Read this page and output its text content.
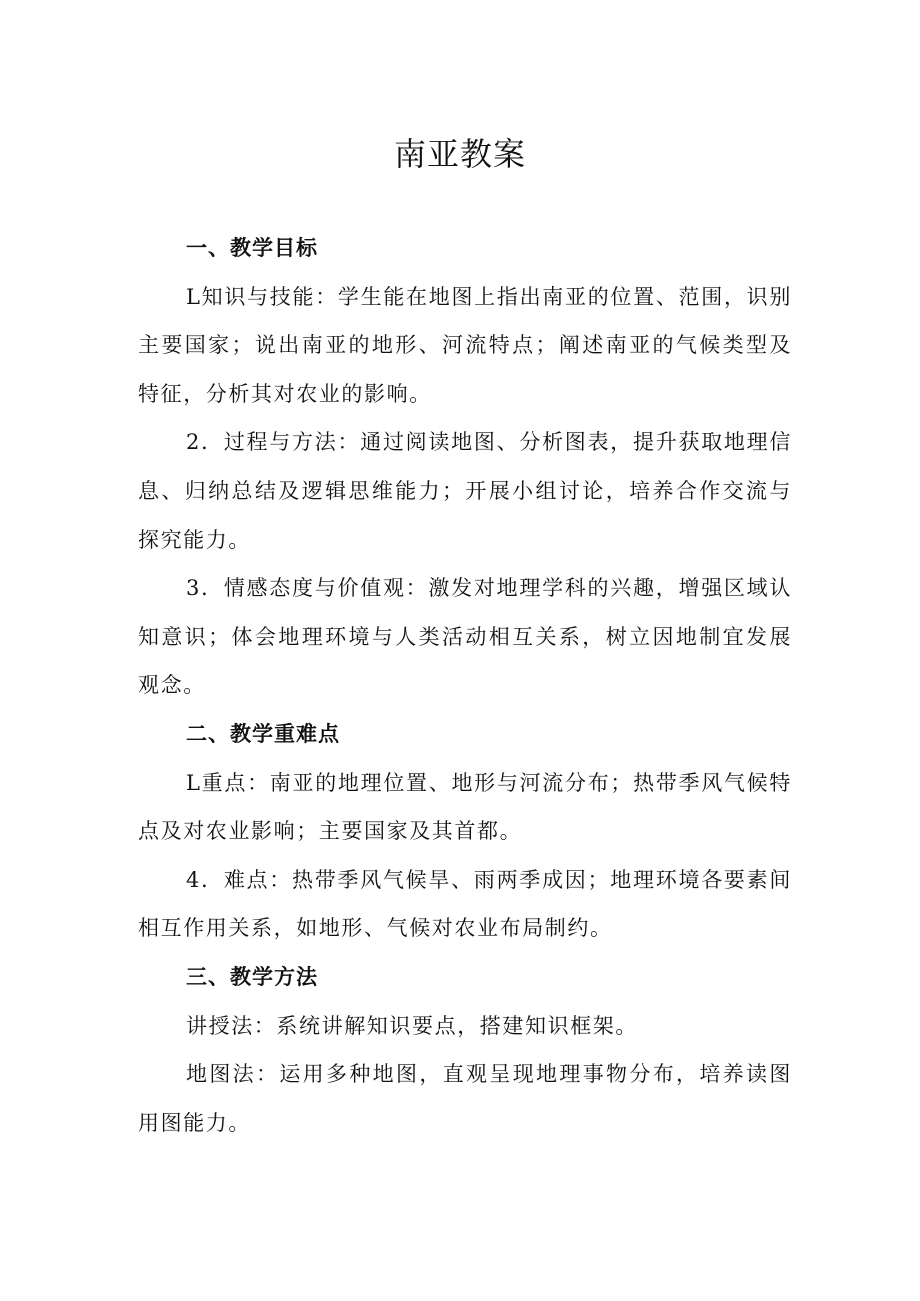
南亚教案
一、教学目标

L知识与技能：学生能在地图上指出南亚的位置、范围，识别主要国家；说出南亚的地形、河流特点；阐述南亚的气候类型及特征，分析其对农业的影响。

2．过程与方法：通过阅读地图、分析图表，提升获取地理信息、归纳总结及逻辑思维能力；开展小组讨论，培养合作交流与探究能力。

3．情感态度与价值观：激发对地理学科的兴趣，增强区域认知意识；体会地理环境与人类活动相互关系，树立因地制宜发展观念。

二、教学重难点

L重点：南亚的地理位置、地形与河流分布；热带季风气候特点及对农业影响；主要国家及其首都。

4．难点：热带季风气候旱、雨两季成因；地理环境各要素间相互作用关系，如地形、气候对农业布局制约。

三、教学方法

讲授法：系统讲解知识要点，搭建知识框架。

地图法：运用多种地图，直观呈现地理事物分布，培养读图用图能力。
